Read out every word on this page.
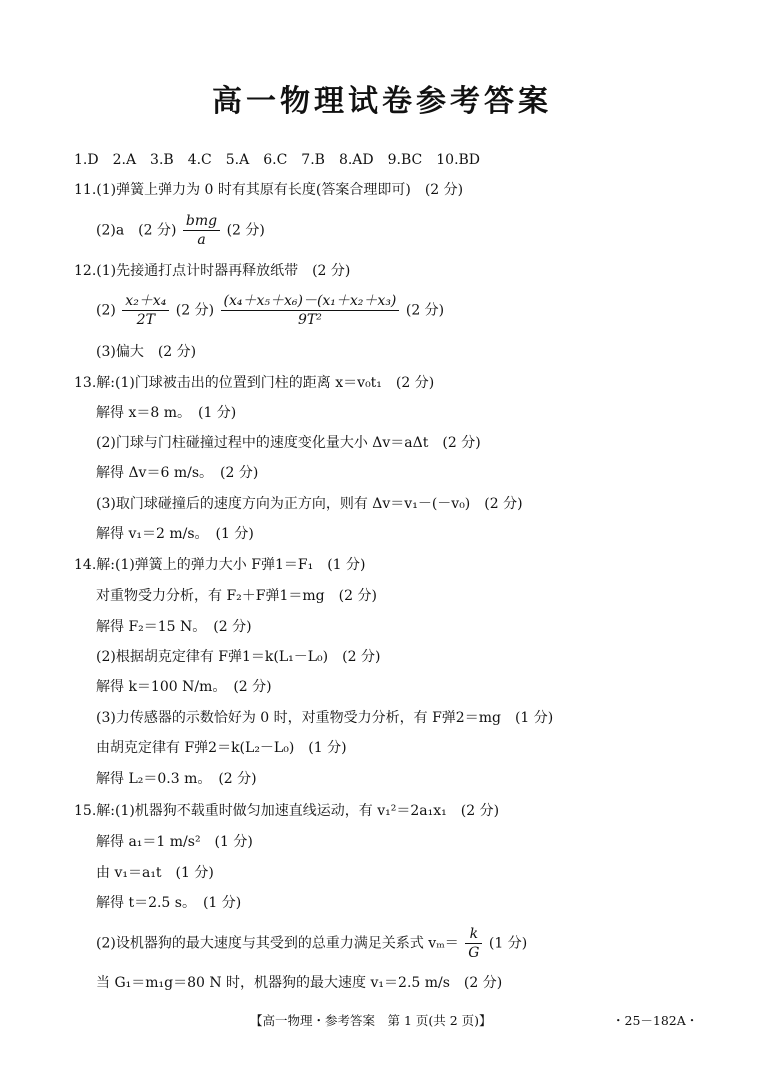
高一物理试卷参考答案
1.D　2.A　3.B　4.C　5.A　6.C　7.B　8.AD　9.BC　10.BD
11.(1)弹簧上弹力为 0 时有其原有长度(答案合理即可)　(2 分)
(2)a　(2 分) $\frac{\text{bmg}}{a} (2$ 分)
12.(1)先接通打点计时器再释放纸带　(2 分)
$(2) \frac{\text{x₂＋x₄}}{2T} (2$ 分) $\frac{\text{(x₄＋x₅＋x₆)－(x₁＋x₂＋x₃)}}{\text{9T²}} (2$ 分)
(3)偏大　(2 分)
13.解:(1)门球被击出的位置到门柱的距离 x＝v₀t₁　(2 分)
解得 x＝8 m。　(1 分)
(2)门球与门柱碰撞过程中的速度变化量大小 Δv＝aΔt　(2 分)
解得 Δv＝6 m/s。　(2 分)
(3)取门球碰撞后的速度方向为正方向，则有 Δv＝v₁－(－v₀)　(2 分)
解得 v₁＝2 m/s。　(1 分)
14.解:(1)弹簧上的弹力大小 F弹1＝F₁　(1 分)
对重物受力分析，有 F₂＋F弹1＝mg　(2 分)
解得 F₂＝15 N。　(2 分)
(2)根据胡克定律有 F弹1＝k(L₁－L₀)　(2 分)
解得 k＝100 N/m。　(2 分)
(3)力传感器的示数恰好为 0 时，对重物受力分析，有 F弹2＝mg　(1 分)
由胡克定律有 F弹2＝k(L₂－L₀)　(1 分)
解得 L₂＝0.3 m。　(2 分)
15.解:(1)机器狗不载重时做匀加速直线运动，有 v₁²＝2a₁x₁　(2 分)
解得 a₁＝1 m/s²　(1 分)
由 v₁＝a₁t　(1 分)
解得 t＝2.5 s。　(1 分)
(2)设机器狗的最大速度与其受到的总重力满足关系式 $v_m= \frac{k}{G} (1$ 分)
当 G₁＝m₁g＝80 N 时，机器狗的最大速度 v₁＝2.5 m/s　(2 分)
【高一物理・参考答案　第 1 页(共 2 页)】	・25－182A・
